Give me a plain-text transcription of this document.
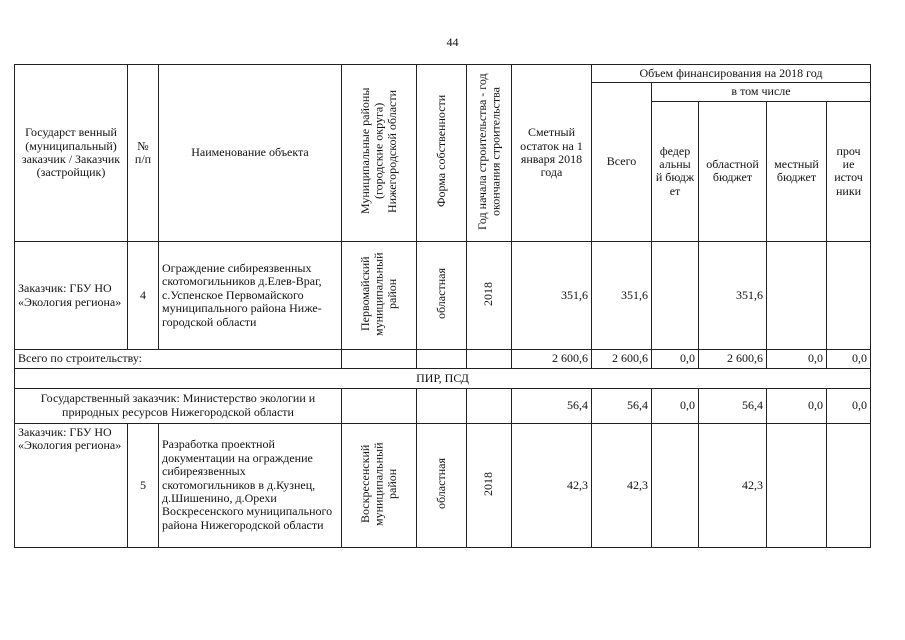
44
Государст венный (муниципальный) заказчик / Заказчик (застройщик)	№ п/п	Наименование объекта	Муниципальные районы (городские округа) Нижегородской области	Форма собственности	Год начала строительства - год окончания строительства	Сметный остаток на 1 января 2018 года	Объем финансирования на 2018 год				
							Всего	в том числе			
								федер альны й бюдж ет	областной бюджет	местный бюджет	проч ие источ ники
Заказчик: ГБУ НО «Экология региона»	4	Ограждение сибиреязвенных скотомогильников д.Елев-Враг, с.Успенское Первомайского муниципального района Ниже-городской области	Первомайский муниципальный район	областная	2018	351,6	351,6		351,6		
Всего по строительству:						2 600,6	2 600,6	0,0	2 600,6	0,0	0,0
ПИР, ПСД											
Государственный заказчик: Министерство экологии и природных ресурсов Нижегородской области						56,4	56,4	0,0	56,4	0,0	0,0
Заказчик: ГБУ НО «Экология региона»	5	Разработка проектной документации на ограждение сибиреязвенных скотомогильников в д.Кузнец, д.Шишенино, д.Орехи Воскресенского муниципального района Нижегородской области	Воскресенский муниципальный район	областная	2018	42,3	42,3		42,3		
